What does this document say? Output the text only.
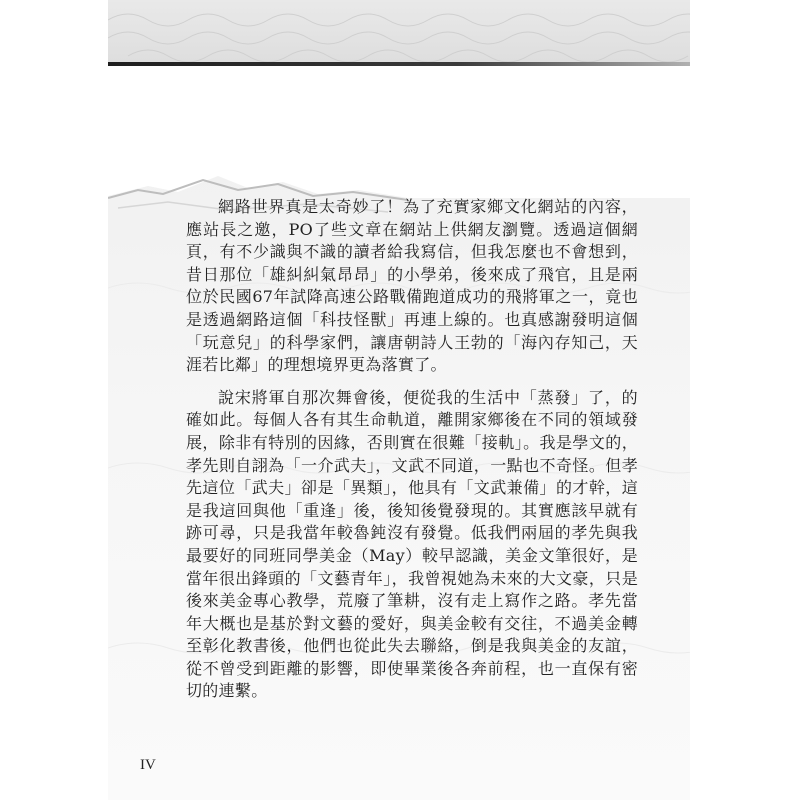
網路世界真是太奇妙了！為了充實家鄉文化網站的內容，應站長之邀，PO了些文章在網站上供網友瀏覽。透過這個網頁，有不少識與不識的讀者給我寫信，但我怎麼也不會想到，昔日那位「雄糾糾氣昂昂」的小學弟，後來成了飛官，且是兩位於民國67年試降高速公路戰備跑道成功的飛將軍之一，竟也是透過網路這個「科技怪獸」再連上線的。也真感謝發明這個「玩意兒」的科學家們，讓唐朝詩人王勃的「海內存知己，天涯若比鄰」的理想境界更為落實了。

說宋將軍自那次舞會後，便從我的生活中「蒸發」了，的確如此。每個人各有其生命軌道，離開家鄉後在不同的領域發展，除非有特別的因緣，否則實在很難「接軌」。我是學文的，孝先則自詡為「一介武夫」，文武不同道，一點也不奇怪。但孝先這位「武夫」卻是「異類」，他具有「文武兼備」的才幹，這是我這回與他「重逢」後，後知後覺發現的。其實應該早就有跡可尋，只是我當年較魯鈍沒有發覺。低我們兩屆的孝先與我最要好的同班同學美金（May）較早認識，美金文筆很好，是當年很出鋒頭的「文藝青年」，我曾視她為未來的大文豪，只是後來美金專心教學，荒廢了筆耕，沒有走上寫作之路。孝先當年大概也是基於對文藝的愛好，與美金較有交往，不過美金轉至彰化教書後，他們也從此失去聯絡，倒是我與美金的友誼，從不曾受到距離的影響，即使畢業後各奔前程，也一直保有密切的連繫。

IV
